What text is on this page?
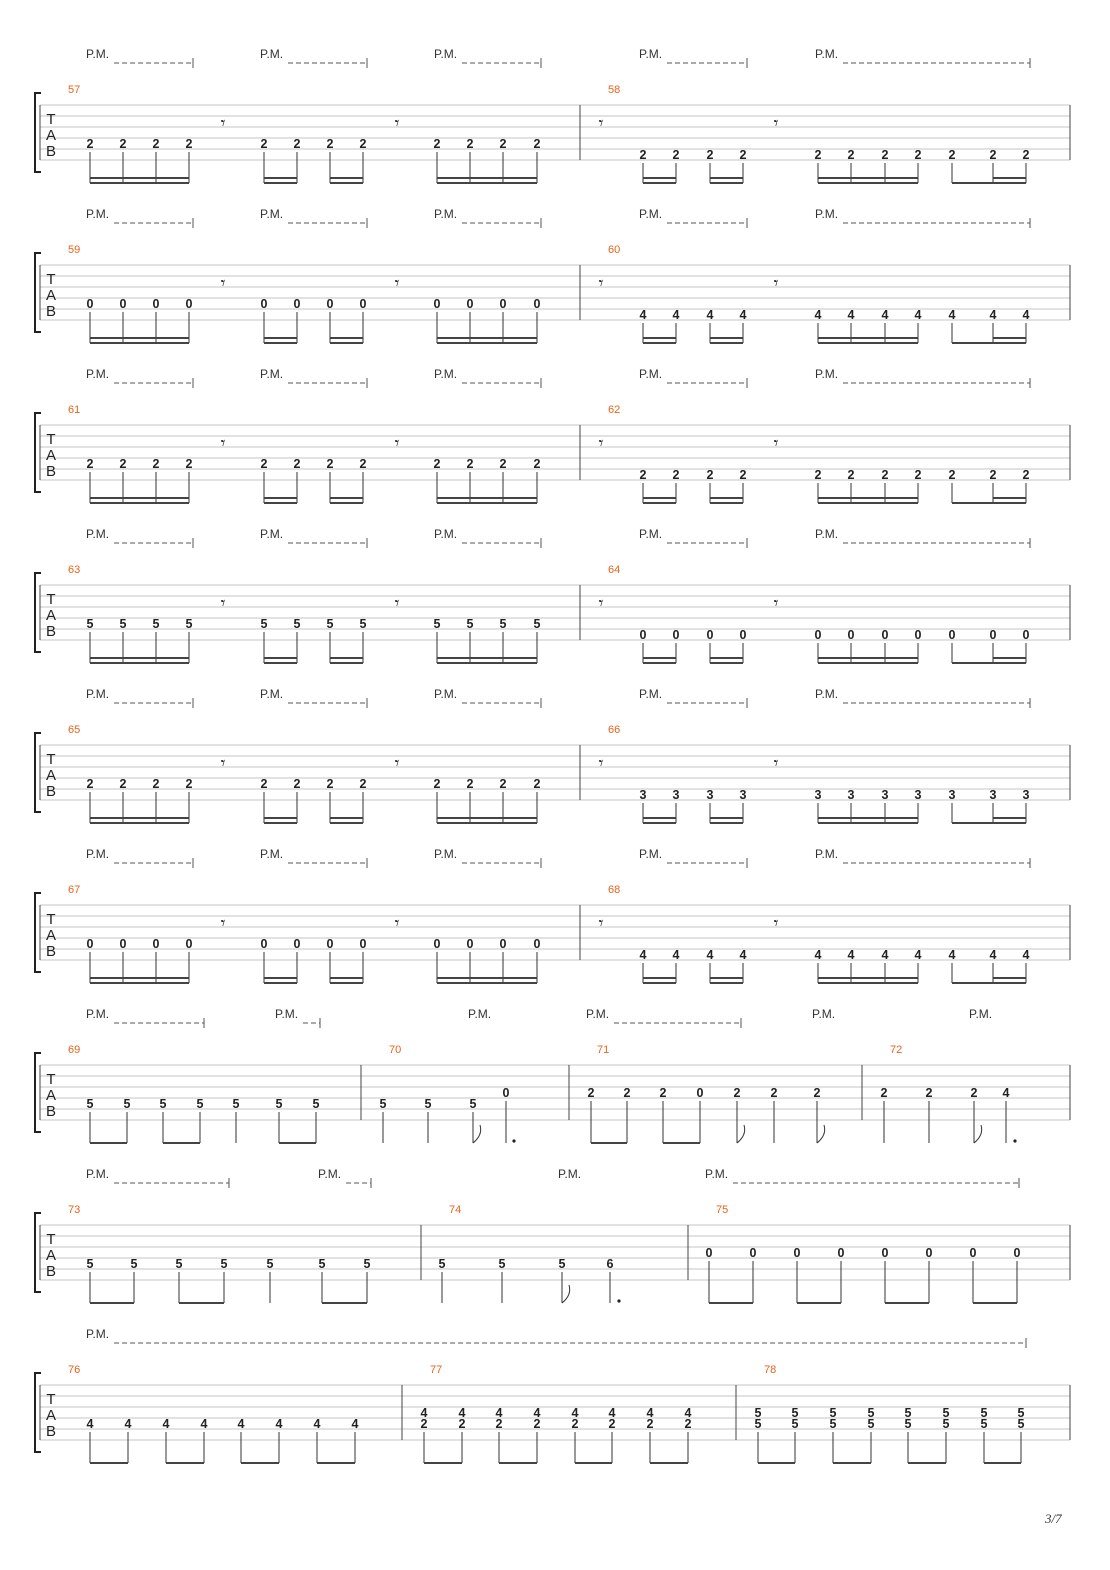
T
A
B
P.M.	P.M.	P.M.	P.M.	P.M.
57
2 2 2 2	2 2 2 2	2 2 2 2
𝄾	𝄾
58
2 2 2 2	2 2 2 2 2	2 2
𝄾	𝄾
T
A
B
P.M.	P.M.	P.M.	P.M.	P.M.
59
0 0 0 0	0 0 0 0	0 0 0 0
𝄾	𝄾
60
4 4 4 4	4 4 4 4 4	4 4
𝄾	𝄾
T
A
B
P.M.	P.M.	P.M.	P.M.	P.M.
61
2 2 2 2	2 2 2 2	2 2 2 2
𝄾	𝄾
62
2 2 2 2	2 2 2 2 2	2 2
𝄾	𝄾
T
A
B
P.M.	P.M.	P.M.	P.M.	P.M.
63
5 5 5 5	5 5 5 5	5 5 5 5
𝄾	𝄾
64
0 0 0 0	0 0 0 0 0	0 0
𝄾	𝄾
T
A
B
P.M.	P.M.	P.M.	P.M.	P.M.
65
2 2 2 2	2 2 2 2	2 2 2 2
𝄾	𝄾
66
3 3 3 3	3 3 3 3 3	3 3
𝄾	𝄾
T
A
B
P.M.	P.M.	P.M.	P.M.	P.M.
67
0 0 0 0	0 0 0 0	0 0 0 0
𝄾	𝄾
68
4 4 4 4	4 4 4 4 4	4 4
𝄾	𝄾
T
A
B
P.M.	P.M.	P.M.	P.M.	P.M.	P.M.
69
5 5 5 5 5	5 5
70
5	5	5
0
71
2 2 2 0 2 2	2
72
2	2	2 4
T
A
B
P.M.	P.M.	P.M.	P.M.
73
5	5	5	5	5	5	5
74
5	5	5	6
75
0	0	0	0	0	0	0	0
T
A
B
P.M.
76
4 4 4 4 4 4 4 4
77
4
2
4
2
4
2
4
2
4
2
4
2
4
2
4
2
78
5
5
5
5
5
5
5
5
5
5
5
5
5
5
5
5
3/7
